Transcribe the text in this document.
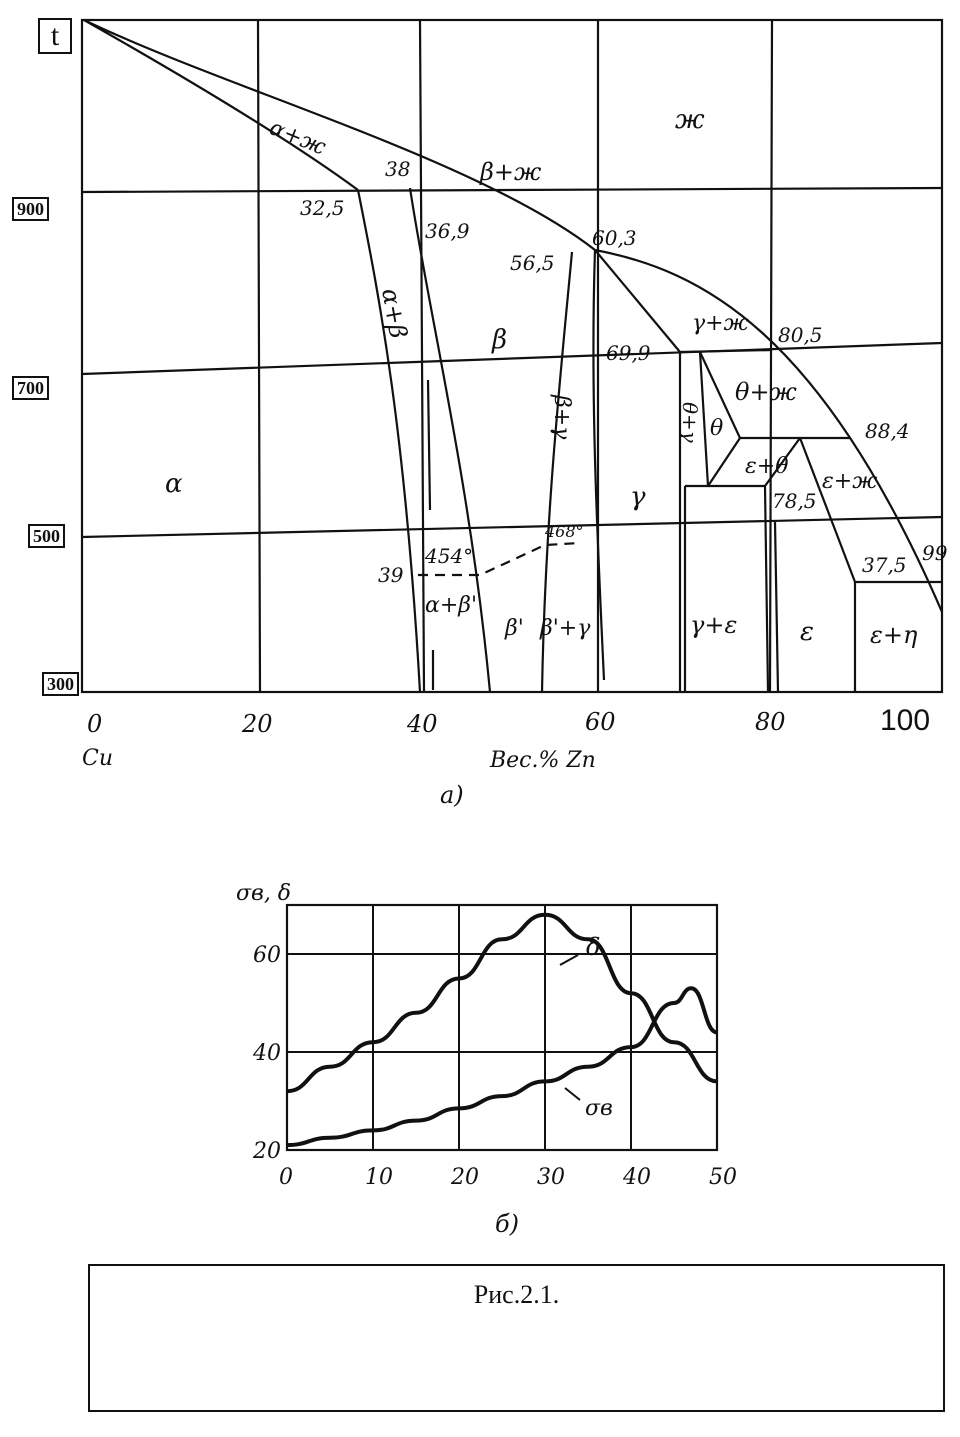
ж
α+ж
β+ж
α
α+β	β
β+γ
γ
γ+ж
θ+γ θ
θ+ж
ε+θ
ε+ж
α+β'
β' β'+γ	γ+ε ε ε+η
38
32,5
36,9
56,5
60,3
69,9
80,5
88,4
78,5
37,5 99
39
454°
468°
0	20	40	60	80
Cu	Вес.% Zn
а)
0	10	20	30	40	50
20
40
60
σв, δ
δ
σв
б)
t
900
700
500
300
100
Рис.2.1.
